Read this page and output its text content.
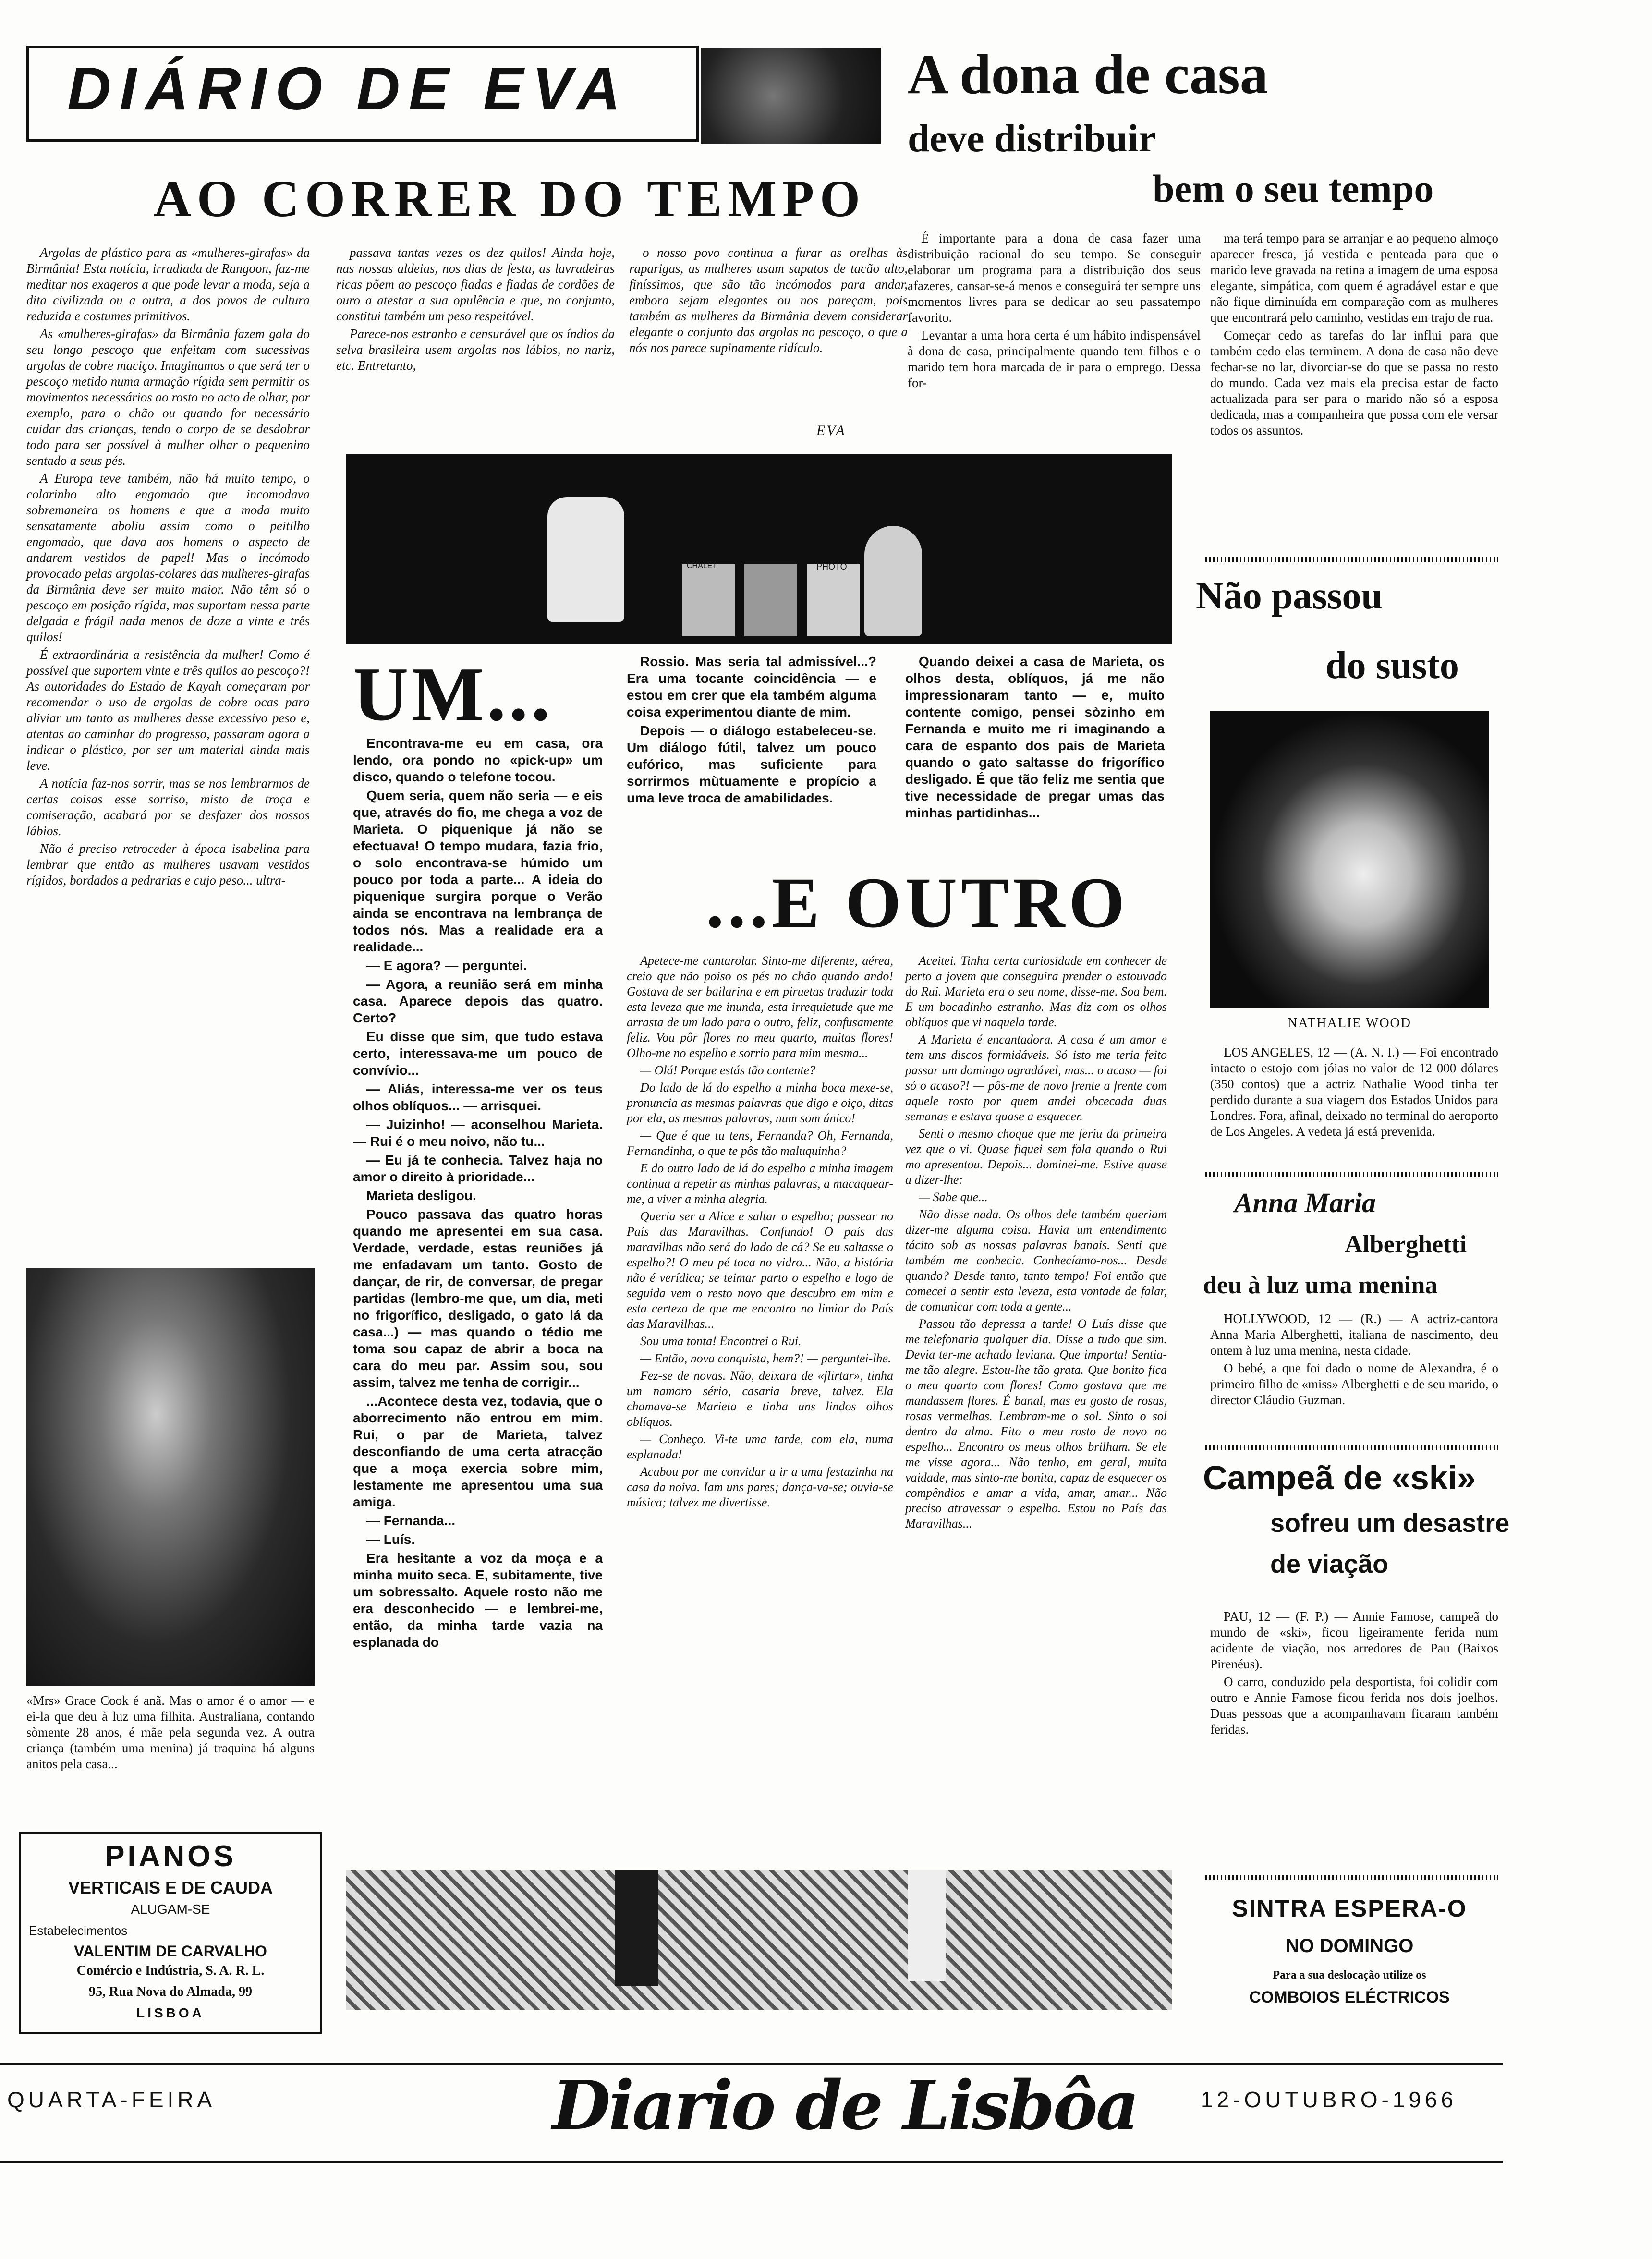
DIÁRIO DE EVA
AO CORRER DO TEMPO

Argolas de plástico para as «mulheres-girafas» da Birmânia! Esta notícia, irradiada de Rangoon, faz-me meditar nos exageros a que pode levar a moda, seja a dita civilizada ou a outra, a dos povos de cultura reduzida e costumes primitivos.

As «mulheres-girafas» da Birmânia fazem gala do seu longo pescoço que enfeitam com sucessivas argolas de cobre maciço. Imaginamos o que será ter o pescoço metido numa armação rígida sem permitir os movimentos necessários ao rosto no acto de olhar, por exemplo, para o chão ou quando for necessário cuidar das crianças, tendo o corpo de se desdobrar todo para ser possível à mulher olhar o pequenino sentado a seus pés.

A Europa teve também, não há muito tempo, o colarinho alto engomado que incomodava sobremaneira os homens e que a moda muito sensatamente aboliu assim como o peitilho engomado, que dava aos homens o aspecto de andarem vestidos de papel! Mas o incómodo provocado pelas argolas-colares das mulheres-girafas da Birmânia deve ser muito maior. Não têm só o pescoço em posição rígida, mas suportam nessa parte delgada e frágil nada menos de doze a vinte e três quilos!

É extraordinária a resistência da mulher! Como é possível que suportem vinte e três quilos ao pescoço?! As autoridades do Estado de Kayah começaram por recomendar o uso de argolas de cobre ocas para aliviar um tanto as mulheres desse excessivo peso e, atentas ao caminhar do progresso, passaram agora a indicar o plástico, por ser um material ainda mais leve.

A notícia faz-nos sorrir, mas se nos lembrarmos de certas coisas esse sorriso, misto de troça e comiseração, acabará por se desfazer dos nossos lábios.

Não é preciso retroceder à época isabelina para lembrar que então as mulheres usavam vestidos rígidos, bordados a pedrarias e cujo peso... ultra-

passava tantas vezes os dez quilos! Ainda hoje, nas nossas aldeias, nos dias de festa, as lavradeiras ricas põem ao pescoço fiadas e fiadas de cordões de ouro a atestar a sua opulência e que, no conjunto, constitui também um peso respeitável.

Parece-nos estranho e censurável que os índios da selva brasileira usem argolas nos lábios, no nariz, etc. Entretanto,

o nosso povo continua a furar as orelhas às raparigas, as mulheres usam sapatos de tacão alto, finíssimos, que são tão incómodos para andar, embora sejam elegantes ou nos pareçam, pois também as mulheres da Birmânia devem considerar elegante o conjunto das argolas no pescoço, o que a nós nos parece supinamente ridículo.

EVA
A dona de casa
deve distribuir
bem o seu tempo

É importante para a dona de casa fazer uma distribuição racional do seu tempo. Se conseguir elaborar um programa para a distribuição dos seus afazeres, cansar-se-á menos e conseguirá ter sempre uns momentos livres para se dedicar ao seu passatempo favorito.

Levantar a uma hora certa é um hábito indispensável à dona de casa, principalmente quando tem filhos e o marido tem hora marcada de ir para o emprego. Dessa for-

ma terá tempo para se arranjar e ao pequeno almoço aparecer fresca, já vestida e penteada para que o marido leve gravada na retina a imagem de uma esposa elegante, simpática, com quem é agradável estar e que não fique diminuída em comparação com as mulheres que encontrará pelo caminho, vestidas em trajo de rua.

Começar cedo as tarefas do lar influi para que também cedo elas terminem. A dona de casa não deve fechar-se no lar, divorciar-se do que se passa no resto do mundo. Cada vez mais ela precisa estar de facto actualizada para ser para o marido não só a esposa dedicada, mas a companheira que possa com ele versar todos os assuntos.

PHOTO
CHALET
UM...

Encontrava-me eu em casa, ora lendo, ora pondo no «pick-up» um disco, quando o telefone tocou.

Quem seria, quem não seria — e eis que, através do fio, me chega a voz de Marieta. O piquenique já não se efectuava! O tempo mudara, fazia frio, o solo encontrava-se húmido um pouco por toda a parte... A ideia do piquenique surgira porque o Verão ainda se encontrava na lembrança de todos nós. Mas a realidade era a realidade...

— E agora? — perguntei.

— Agora, a reunião será em minha casa. Aparece depois das quatro. Certo?

Eu disse que sim, que tudo estava certo, interessava-me um pouco de convívio...

— Aliás, interessa-me ver os teus olhos oblíquos... — arrisquei.

— Juizinho! — aconselhou Marieta. — Rui é o meu noivo, não tu...

— Eu já te conhecia. Talvez haja no amor o direito à prioridade...

Marieta desligou.

Pouco passava das quatro horas quando me apresentei em sua casa. Verdade, verdade, estas reuniões já me enfadavam um tanto. Gosto de dançar, de rir, de conversar, de pregar partidas (lembro-me que, um dia, meti no frigorífico, desligado, o gato lá da casa...) — mas quando o tédio me toma sou capaz de abrir a boca na cara do meu par. Assim sou, sou assim, talvez me tenha de corrigir...

...Acontece desta vez, todavia, que o aborrecimento não entrou em mim. Rui, o par de Marieta, talvez desconfiando de uma certa atracção que a moça exercia sobre mim, lestamente me apresentou uma sua amiga.

— Fernanda...

— Luís.

Era hesitante a voz da moça e a minha muito seca. E, subitamente, tive um sobressalto. Aquele rosto não me era desconhecido — e lembrei-me, então, da minha tarde vazia na esplanada do

Rossio. Mas seria tal admissível...? Era uma tocante coincidência — e estou em crer que ela também alguma coisa experimentou diante de mim.

Depois — o diálogo estabeleceu-se. Um diálogo fútil, talvez um pouco eufórico, mas suficiente para sorrirmos mùtuamente e propício a uma leve troca de amabilidades.

Quando deixei a casa de Marieta, os olhos desta, oblíquos, já me não impressionaram tanto — e, muito contente comigo, pensei sòzinho em Fernanda e muito me ri imaginando a cara de espanto dos pais de Marieta quando o gato saltasse do frigorífico desligado. É que tão feliz me sentia que tive necessidade de pregar umas das minhas partidinhas...

...E OUTRO

Apetece-me cantarolar. Sinto-me diferente, aérea, creio que não poiso os pés no chão quando ando! Gostava de ser bailarina e em piruetas traduzir toda esta leveza que me inunda, esta irrequietude que me arrasta de um lado para o outro, feliz, confusamente feliz. Vou pôr flores no meu quarto, muitas flores! Olho-me no espelho e sorrio para mim mesma...

— Olá! Porque estás tão contente?

Do lado de lá do espelho a minha boca mexe-se, pronuncia as mesmas palavras que digo e oiço, ditas por ela, as mesmas palavras, num som único!

— Que é que tu tens, Fernanda? Oh, Fernanda, Fernandinha, o que te pôs tão maluquinha?

E do outro lado de lá do espelho a minha imagem continua a repetir as minhas palavras, a macaquear-me, a viver a minha alegria.

Queria ser a Alice e saltar o espelho; passear no País das Maravilhas. Confundo! O país das maravilhas não será do lado de cá? Se eu saltasse o espelho?! O meu pé toca no vidro... Não, a história não é verídica; se teimar parto o espelho e logo de seguida vem o resto novo que descubro em mim e esta certeza de que me encontro no limiar do País das Maravilhas...

Sou uma tonta! Encontrei o Rui.

— Então, nova conquista, hem?! — perguntei-lhe.

Fez-se de novas. Não, deixara de «flirtar», tinha um namoro sério, casaria breve, talvez. Ela chamava-se Marieta e tinha uns lindos olhos oblíquos.

— Conheço. Vi-te uma tarde, com ela, numa esplanada!

Acabou por me convidar a ir a uma festazinha na casa da noiva. Iam uns pares; dança-va-se; ouvia-se música; talvez me divertisse.

Aceitei. Tinha certa curiosidade em conhecer de perto a jovem que conseguira prender o estouvado do Rui. Marieta era o seu nome, disse-me. Soa bem. E um bocadinho estranho. Mas diz com os olhos oblíquos que vi naquela tarde.

A Marieta é encantadora. A casa é um amor e tem uns discos formidáveis. Só isto me teria feito passar um domingo agradável, mas... o acaso — foi só o acaso?! — pôs-me de novo frente a frente com aquele rosto por quem andei obcecada duas semanas e estava quase a esquecer.

Senti o mesmo choque que me feriu da primeira vez que o vi. Quase fiquei sem fala quando o Rui mo apresentou. Depois... dominei-me. Estive quase a dizer-lhe:

— Sabe que...

Não disse nada. Os olhos dele também queriam dizer-me alguma coisa. Havia um entendimento tácito sob as nossas palavras banais. Senti que também me conhecia. Conhecíamo-nos... Desde quando? Desde tanto, tanto tempo! Foi então que comecei a sentir esta leveza, esta vontade de falar, de comunicar com toda a gente...

Passou tão depressa a tarde! O Luís disse que me telefonaria qualquer dia. Disse a tudo que sim. Devia ter-me achado leviana. Que importa! Sentia-me tão alegre. Estou-lhe tão grata. Que bonito fica o meu quarto com flores! Como gostava que me mandassem flores. É banal, mas eu gosto de rosas, rosas vermelhas. Lembram-me o sol. Sinto o sol dentro da alma. Fito o meu rosto de novo no espelho... Encontro os meus olhos brilham. Se ele me visse agora... Não tenho, em geral, muita vaidade, mas sinto-me bonita, capaz de esquecer os compêndios e amar a vida, amar, amar... Não preciso atravessar o espelho. Estou no País das Maravilhas...

«Mrs» Grace Cook é anã. Mas o amor é o amor — e ei-la que deu à luz uma filhita. Australiana, contando sòmente 28 anos, é mãe pela segunda vez. A outra criança (também uma menina) já traquina há alguns anitos pela casa...
PIANOS
VERTICAIS E DE CAUDA
ALUGAM-SE
Estabelecimentos
VALENTIM DE CARVALHO
Comércio e Indústria, S. A. R. L.
95, Rua Nova do Almada, 99
LISBOA
Não passou
do susto
NATHALIE WOOD
LOS ANGELES, 12 — (A. N. I.) — Foi encontrado intacto o estojo com jóias no valor de 12 000 dólares (350 contos) que a actriz Nathalie Wood tinha ter perdido durante a sua viagem dos Estados Unidos para Londres. Fora, afinal, deixado no terminal do aeroporto de Los Angeles. A vedeta já está prevenida.
Anna Maria
Alberghetti
deu à luz uma menina

HOLLYWOOD, 12 — (R.) — A actriz-cantora Anna Maria Alberghetti, italiana de nascimento, deu ontem à luz uma menina, nesta cidade.

O bebé, a que foi dado o nome de Alexandra, é o primeiro filho de «miss» Alberghetti e de seu marido, o director Cláudio Guzman.

Campeã de «ski»
sofreu um desastre
de viação

PAU, 12 — (F. P.) — Annie Famose, campeã do mundo de «ski», ficou ligeiramente ferida num acidente de viação, nos arredores de Pau (Baixos Pirenéus).

O carro, conduzido pela desportista, foi colidir com outro e Annie Famose ficou ferida nos dois joelhos. Duas pessoas que a acompanhavam ficaram também feridas.

SINTRA ESPERA-O
NO DOMINGO
Para a sua deslocação utilize os
COMBOIOS ELÉCTRICOS
QUARTA-FEIRA	Diario de Lisbôa	12-OUTUBRO-1966
